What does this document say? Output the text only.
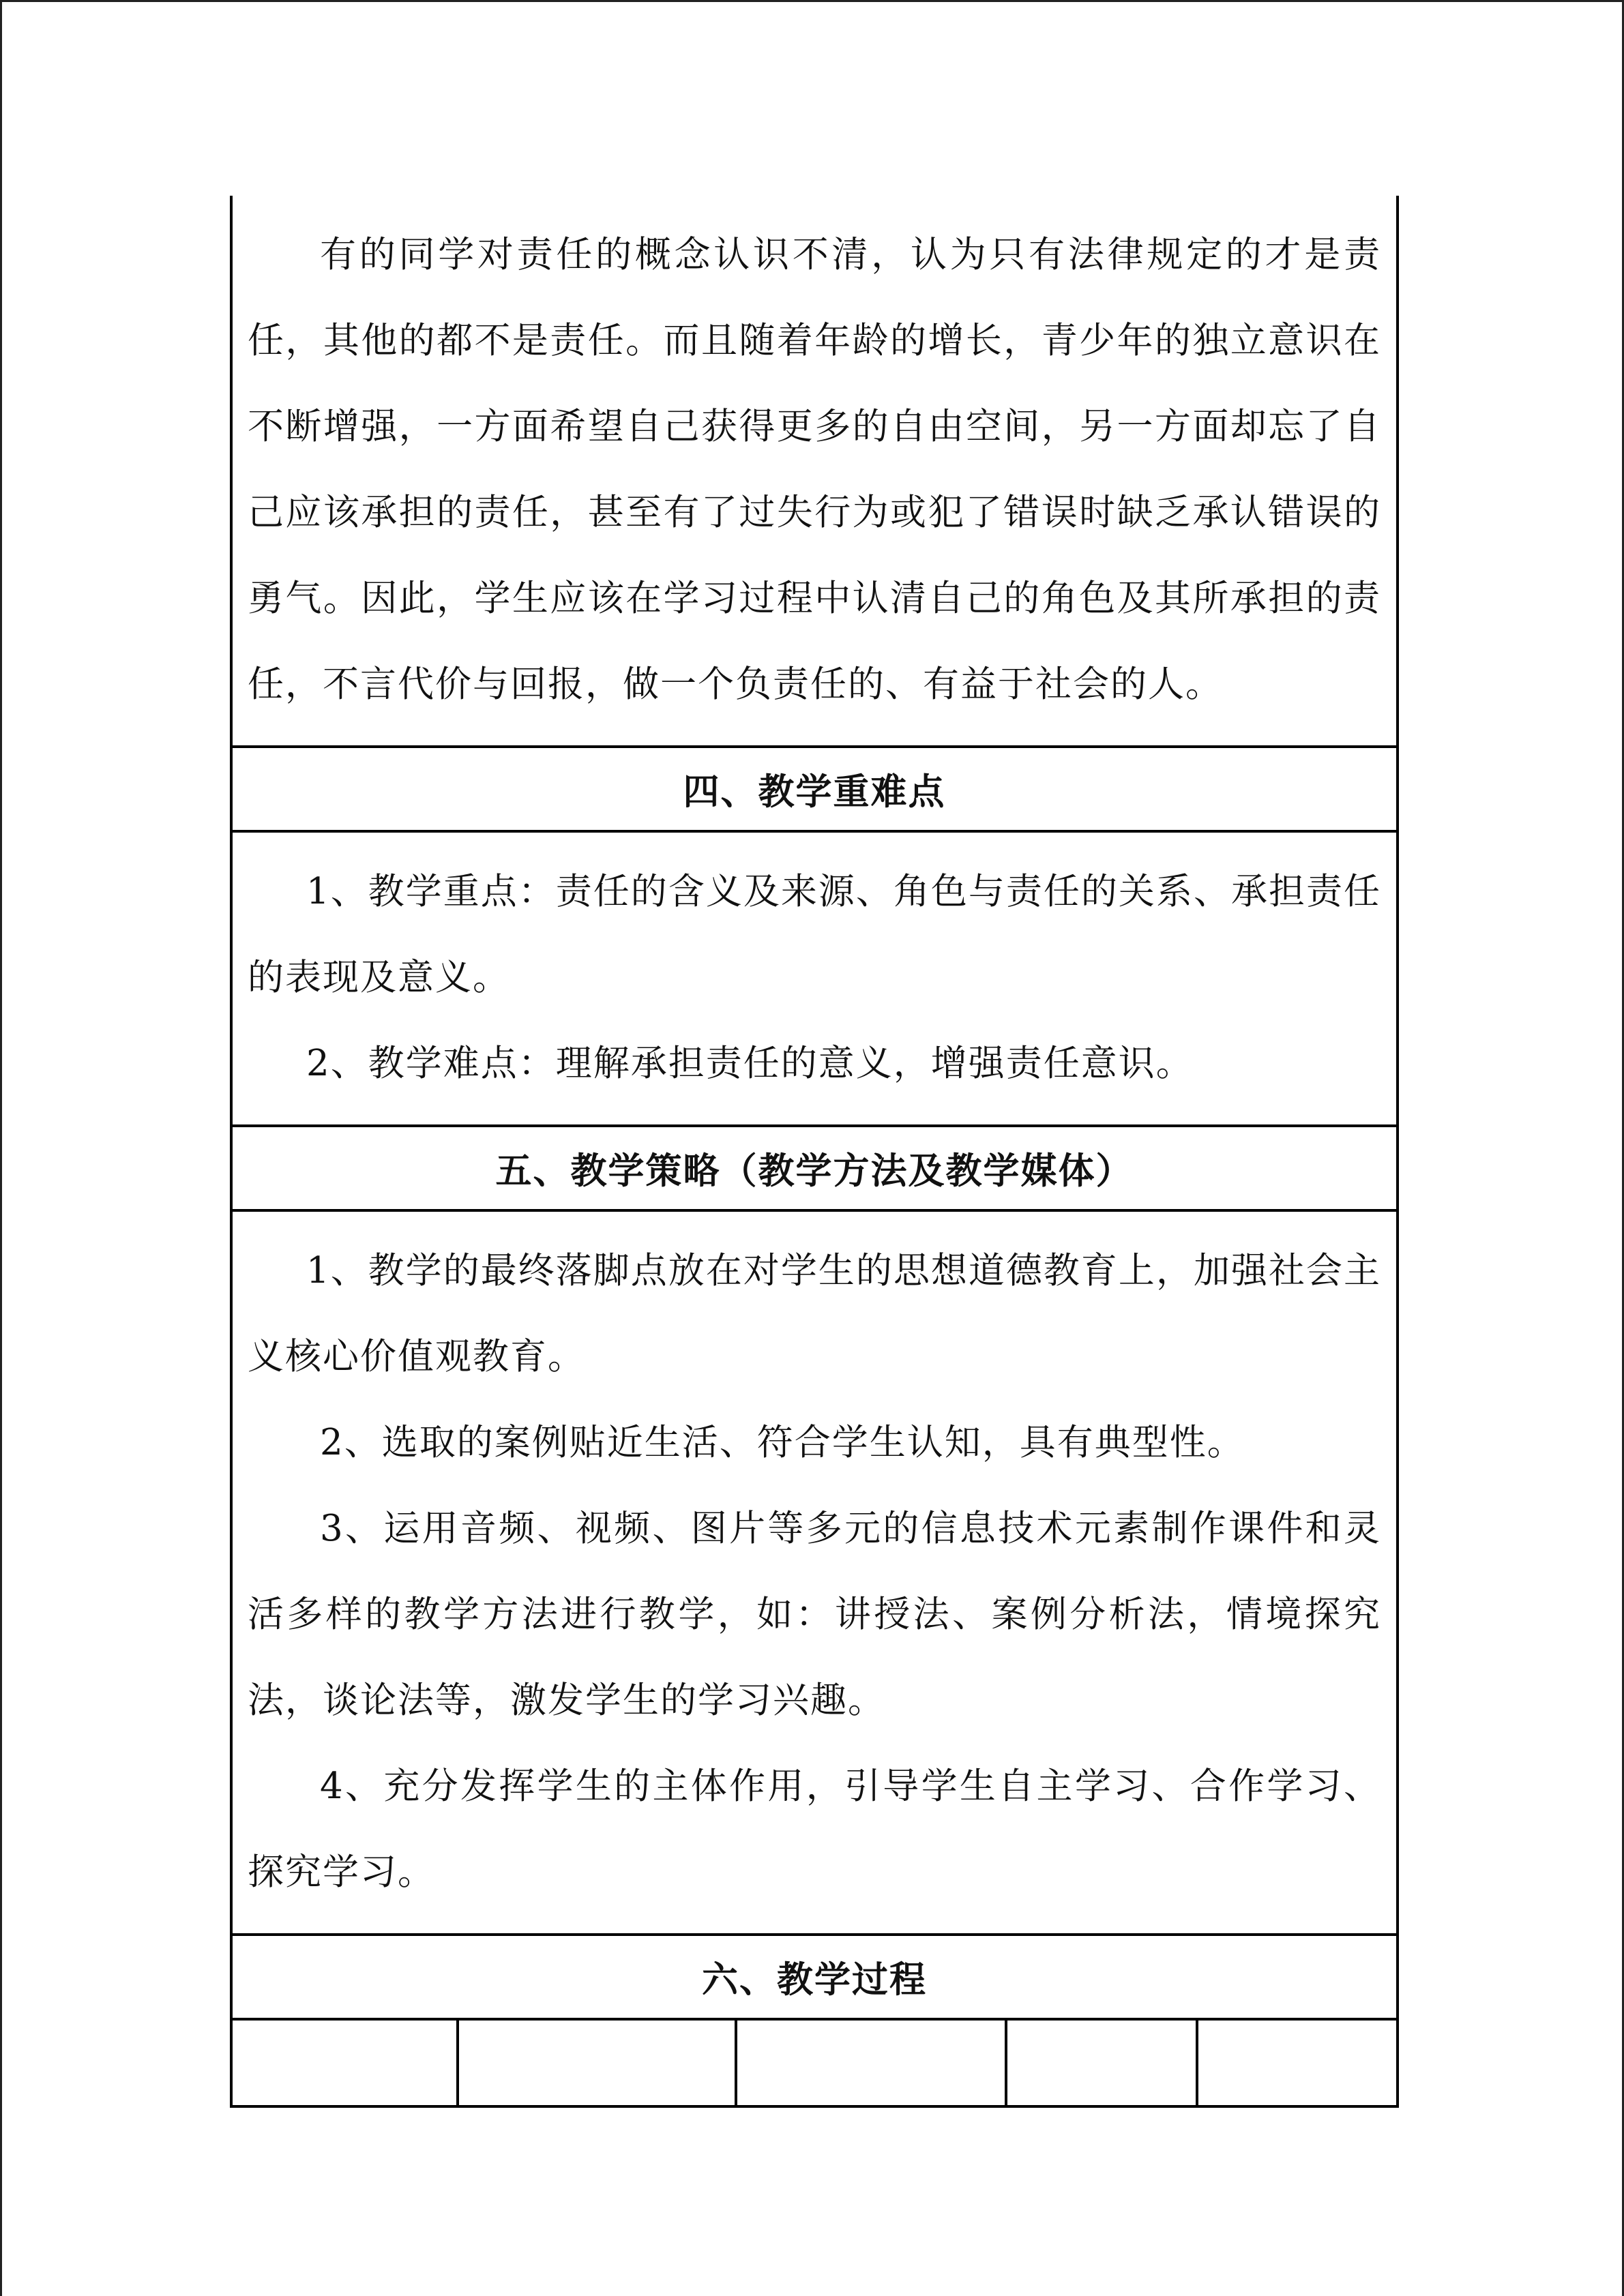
有的同学对责任的概念认识不清，认为只有法律规定的才是责任，其他的都不是责任。而且随着年龄的增长，青少年的独立意识在不断增强，一方面希望自己获得更多的自由空间，另一方面却忘了自己应该承担的责任，甚至有了过失行为或犯了错误时缺乏承认错误的勇气。因此，学生应该在学习过程中认清自己的角色及其所承担的责任，不言代价与回报，做一个负责任的、有益于社会的人。

四、教学重难点

1、教学重点：责任的含义及来源、角色与责任的关系、承担责任的表现及意义。

2、教学难点：理解承担责任的意义，增强责任意识。

五、教学策略（教学方法及教学媒体）

1、教学的最终落脚点放在对学生的思想道德教育上，加强社会主义核心价值观教育。

2、选取的案例贴近生活、符合学生认知，具有典型性。

3、运用音频、视频、图片等多元的信息技术元素制作课件和灵活多样的教学方法进行教学，如：讲授法、案例分析法，情境探究法，谈论法等，激发学生的学习兴趣。

4、充分发挥学生的主体作用，引导学生自主学习、合作学习、探究学习。

六、教学过程
